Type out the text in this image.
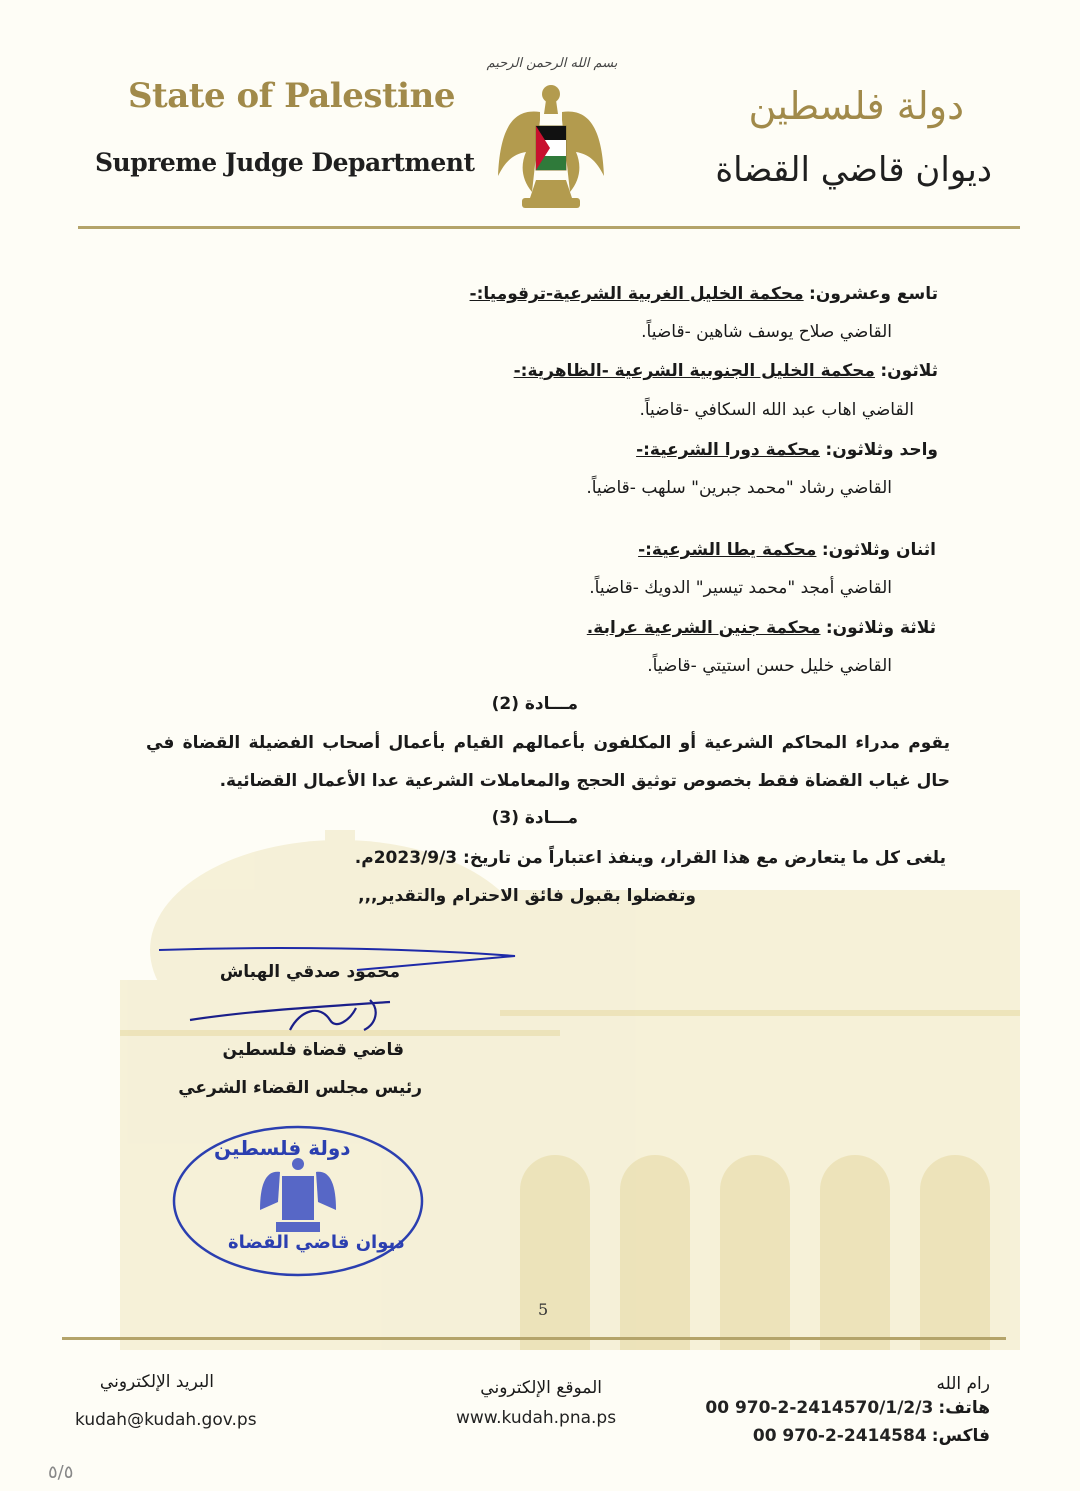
بسم الله الرحمن الرحيم
State of Palestine
Supreme Judge Department
دولة فلسطين
ديوان قاضي القضاة
تاسع وعشرون: محكمة الخليل الغربية الشرعية-ترقوميا:-
القاضي صلاح يوسف شاهين -قاضياً.
ثلاثون: محكمة الخليل الجنوبية الشرعية -الظاهرية:-
القاضي اهاب عبد الله السكافي -قاضياً.
واحد وثلاثون: محكمة دورا الشرعية:-
القاضي رشاد "محمد جبرين" سلهب -قاضياً.
اثنان وثلاثون: محكمة يطا الشرعية:-
القاضي أمجد "محمد تيسير" الدويك -قاضياً.
ثلاثة وثلاثون: محكمة جنين الشرعية عرابة.
القاضي خليل حسن استيتي -قاضياً.
مـــادة (2)
يقوم مدراء المحاكم الشرعية أو المكلفون بأعمالهم القيام بأعمال أصحاب الفضيلة القضاة في حال غياب القضاة فقط بخصوص توثيق الحجج والمعاملات الشرعية عدا الأعمال القضائية.
مـــادة (3)
يلغى كل ما يتعارض مع هذا القرار، وينفذ اعتباراً من تاريخ: 2023/9/3م.
وتفضلوا بقبول فائق الاحترام والتقدير,,,
محمود صدقي الهباش
قاضي قضاة فلسطين
رئيس مجلس القضاء الشرعي
دولة فلسطين
ديوان قاضي القضاة
5
البريد الإلكتروني
kudah@kudah.gov.ps
الموقع الإلكتروني
www.kudah.pna.ps
رام الله
هاتف: 00 970-2-2414570/1/2/3
فاكس: 00 970-2-2414584
٥/٥
